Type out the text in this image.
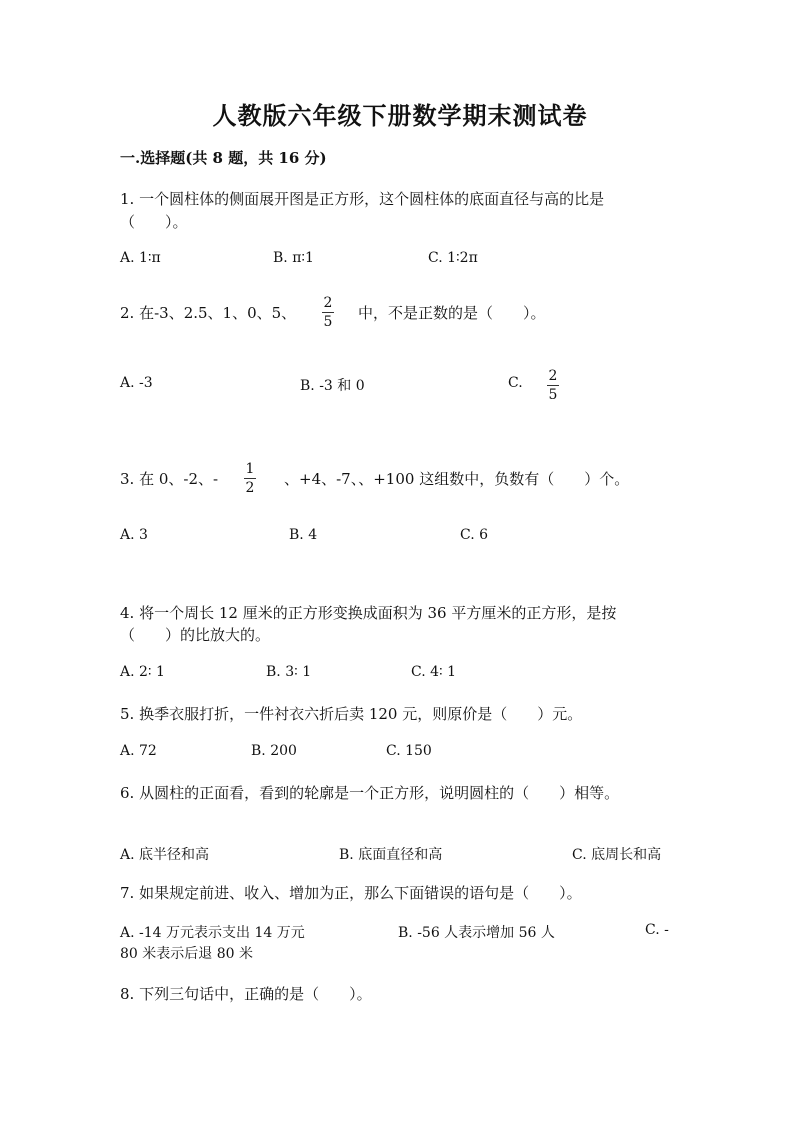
人教版六年级下册数学期末测试卷
一.选择题(共 8 题，共 16 分)
1. 一个圆柱体的侧面展开图是正方形，这个圆柱体的底面直径与高的比是
（　　）。
A. 1∶π	B. π∶1	C. 1∶2π
2. 在-3、2.5、1、0、5、
2
5 中，不是正数的是（　　）。
A. -3	B. -3 和 0	C. 2
5
3. 在 0、-2、-
1
2 、+4、-7、、+100 这组数中，负数有（　　）个。
A. 3	B. 4	C. 6
4. 将一个周长 12 厘米的正方形变换成面积为 36 平方厘米的正方形，是按
（　　）的比放大的。
A. 2∶ 1	B. 3∶ 1	C. 4∶ 1
5. 换季衣服打折，一件衬衣六折后卖 120 元，则原价是（　　）元。
A. 72	B. 200	C. 150
6. 从圆柱的正面看，看到的轮廓是一个正方形，说明圆柱的（　　）相等。
A. 底半径和高	B. 底面直径和高	C. 底周长和高
7. 如果规定前进、收入、增加为正，那么下面错误的语句是（　　）。
A. -14 万元表示支出 14 万元	B. -56 人表示增加 56 人	C. -
80 米表示后退 80 米
8. 下列三句话中，正确的是（　　）。
